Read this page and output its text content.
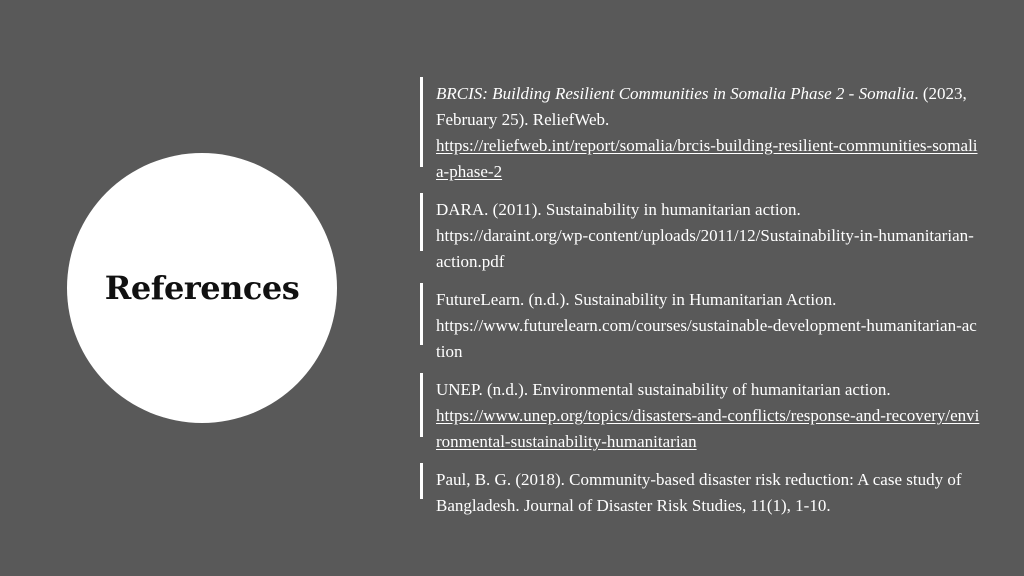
References
BRCIS: Building Resilient Communities in Somalia Phase 2 - Somalia. (2023, February 25). ReliefWeb.
https://reliefweb.int/report/somalia/brcis-building-resilient-communities-somalia-phase-2
DARA. (2011). Sustainability in humanitarian action.
https://daraint.org/wp-content/uploads/2011/12/Sustainability-in-humanitarian-action.pdf
FutureLearn. (n.d.). Sustainability in Humanitarian Action.
https://www.futurelearn.com/courses/sustainable-development-humanitarian-action
UNEP. (n.d.). Environmental sustainability of humanitarian action.
https://www.unep.org/topics/disasters-and-conflicts/response-and-recovery/environmental-sustainability-humanitarian
Paul, B. G. (2018). Community-based disaster risk reduction: A case study of Bangladesh. Journal of Disaster Risk Studies, 11(1), 1-10.
